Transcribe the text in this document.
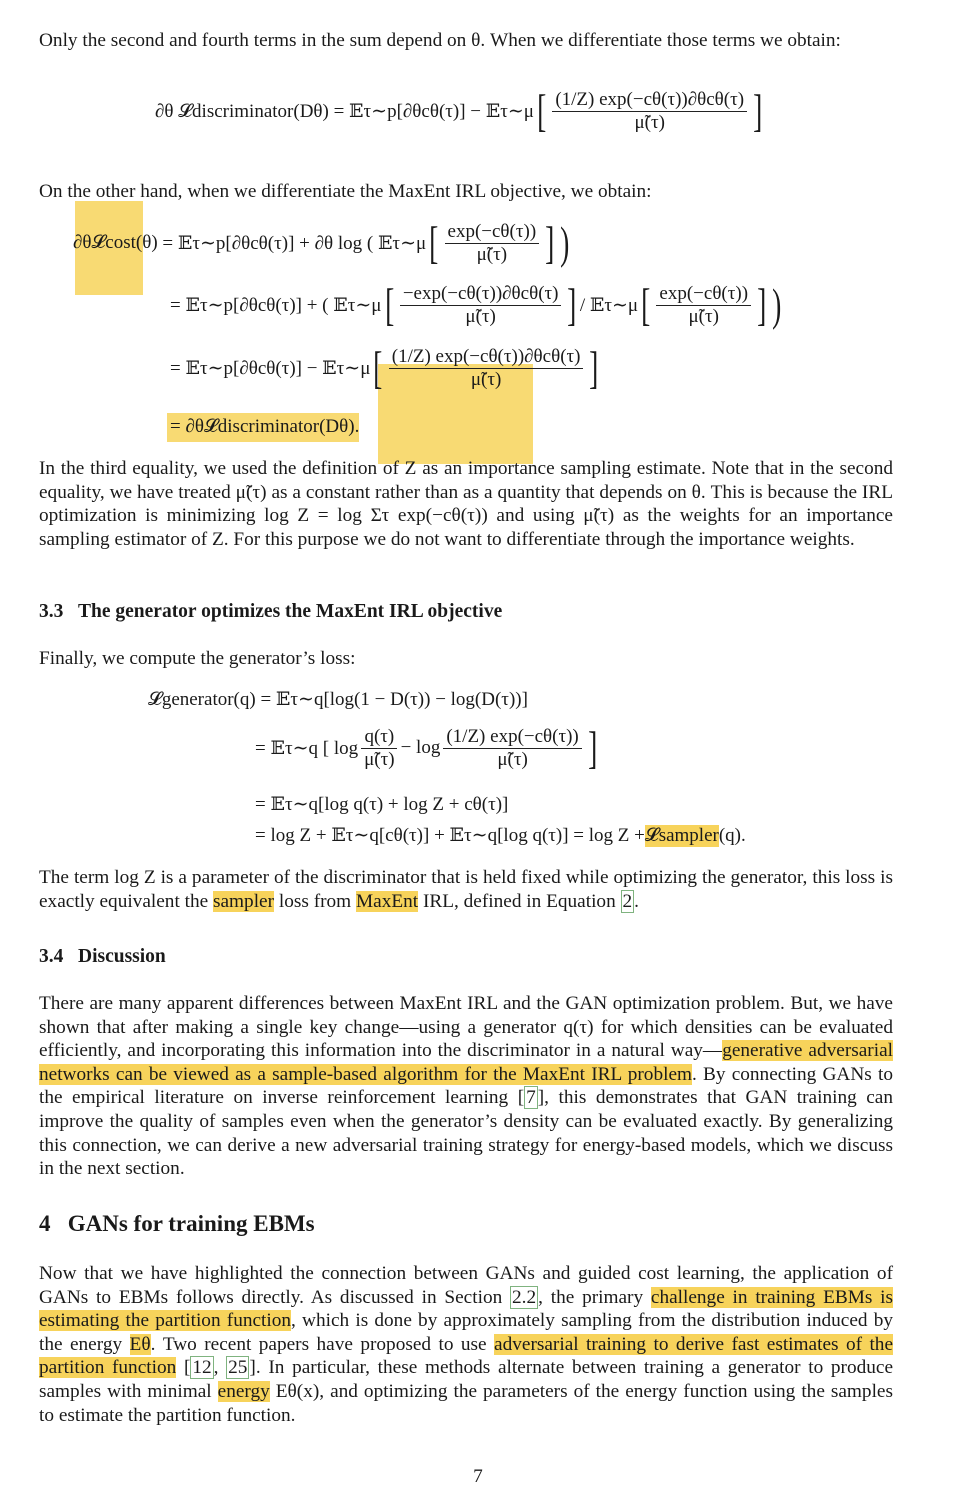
Only the second and fourth terms in the sum depend on θ. When we differentiate those terms we obtain:

∂θ 𝓛discriminator(Dθ) = 𝔼τ∼p[∂θcθ(τ)] − 𝔼τ∼μ [ $\frac{\text{(1/Z) exp(−cθ(τ))∂θcθ(τ)}}{\mũ(\tau)}$ ]

On the other hand, when we differentiate the MaxEnt IRL objective, we obtain:

∂θ𝓛cost(θ)
= 𝔼τ∼p[∂θcθ(τ)] + ∂θ log ( 𝔼τ∼μ [ $\frac{\exp(-c\theta(\tau))}{\mũ(\tau)}$ ] )
= 𝔼τ∼p[∂θcθ(τ)] + ( 𝔼τ∼μ [ $\frac{\text{−exp(−cθ(τ))∂θcθ(τ)}}{\mũ(\tau)}$ ] / 𝔼τ∼μ [ $\frac{\exp(-c\theta(\tau))}{\mũ(\tau)}$ ] )
= 𝔼τ∼p[∂θcθ(τ)] − 𝔼τ∼μ [ $\frac{\text{(1/Z) exp(−cθ(τ))∂θcθ(τ)}}{\mũ(\tau)}$ ]
= ∂θ𝓛discriminator(Dθ) .

In the third equality, we used the definition of Z as an importance sampling estimate. Note that in the second equality, we have treated μ̃(τ) as a constant rather than as a quantity that depends on θ. This is because the IRL optimization is minimizing log Z = log Στ exp(−cθ(τ)) and using μ̃(τ) as the weights for an importance sampling estimator of Z. For this purpose we do not want to differentiate through the importance weights.

3.3 The generator optimizes the MaxEnt IRL objective

Finally, we compute the generator’s loss:

𝓛generator(q)
= 𝔼τ∼q[log(1 − D(τ)) − log(D(τ))]
= 𝔼τ∼q [ $\log \frac{q(\tau)}{\mũ(\tau)} - \log \frac{(1/Z) \exp(-c\theta(\tau))}{\mũ(\tau)}$ ]
= 𝔼τ∼q[log q(τ) + log Z + cθ(τ)]
= log Z + 𝔼τ∼q[cθ(τ)] + 𝔼τ∼q[log q(τ)] = log Z + 𝓛sampler (q).

The term log Z is a parameter of the discriminator that is held fixed while optimizing the generator, this loss is exactly equivalent the sampler loss from MaxEnt IRL, defined in Equation 2 .

3.4 Discussion

There are many apparent differences between MaxEnt IRL and the GAN optimization problem. But, we have shown that after making a single key change—using a generator q(τ) for which densities can be evaluated efficiently, and incorporating this information into the discriminator in a natural way—generative adversarial networks can be viewed as a sample-based algorithm for the MaxEnt IRL problem. By connecting GANs to the empirical literature on inverse reinforcement learning [ 7 ], this demonstrates that GAN training can improve the quality of samples even when the generator’s density can be evaluated exactly. By generalizing this connection, we can derive a new adversarial training strategy for energy-based models, which we discuss in the next section.

4 GANs for training EBMs

Now that we have highlighted the connection between GANs and guided cost learning, the application of GANs to EBMs follows directly. As discussed in Section 2.2 , the primary challenge in training EBMs is estimating the partition function, which is done by approximately sampling from the distribution induced by the energy Eθ. Two recent papers have proposed to use adversarial training to derive fast estimates of the partition function [ 12 , 25 ]. In particular, these methods alternate between training a generator to produce samples with minimal energy Eθ(x), and optimizing the parameters of the energy function using the samples to estimate the partition function.

7
